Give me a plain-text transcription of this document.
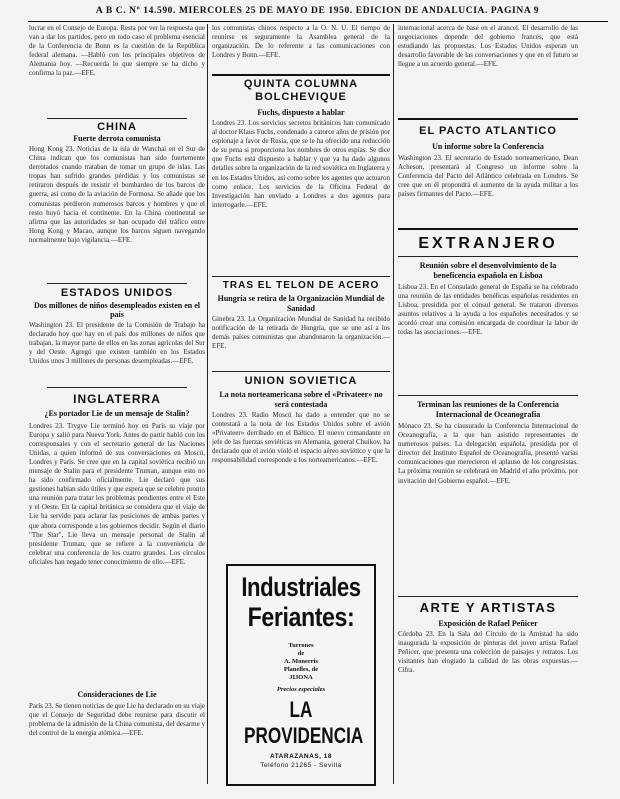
A B C. Nº 14.590. MIERCOLES 25 DE MAYO DE 1950. EDICION DE ANDALUCIA. PAGINA 9
lucrar en el Consejo de Europa. Resta por ver la respuesta que van a dar los partidos, pero en todo caso el problema esencial de la Conferencia de Bonn es la cuestión de la República federal alemana. —Habló con los principales objetivos de Alemania hoy. —Recuerda lo que siempre se ha dicho y confirma la paz.—EFE.
CHINA
Fuerte derrota comunista
Hong Kong 23. Noticias de la isla de Wanchai en el Sur de China indican que los comunistas han sido fuertemente derrotados cuando trataban de tomar un grupo de islas. Las tropas han sufrido grandes pérdidas y los comunistas se retiraron después de resistir el bombardeo de los barcos de guerra, así como de la aviación de Formosa. Se añade que los comunistas perdieron numerosos barcos y hombres y que el resto huyó hacia el continente. En la China continental se afirma que las autoridades se han ocupado del tráfico entre Hong Kong y Macao, aunque los barcos siguen navegando normalmente bajo vigilancia.—EFE.
ESTADOS UNIDOS
Dos millones de niños desempleados existen en el país
Washington 23. El presidente de la Comisión de Trabajo ha declarado hoy que hay en el país dos millones de niños que trabajan, la mayor parte de ellos en las zonas agrícolas del Sur y del Oeste. Agregó que existen también en los Estados Unidos unos 3 millones de personas desempleadas.—EFE.
INGLATERRA
¿Es portador Lie de un mensaje de Stalin?
Londres 23. Trygve Lie terminó hoy en París su viaje por Europa y salió para Nueva York. Antes de partir habló con los corresponsales y con el secretario general de las Naciones Unidas, a quien informó de sus conversaciones en Moscú, Londres y París. Se cree que en la capital soviética recibió un mensaje de Stalin para el presidente Truman, aunque esto no ha sido confirmado oficialmente. Lie declaró que sus gestiones habían sido útiles y que espera que se celebre pronto una reunión para tratar los problemas pendientes entre el Este y el Oeste. En la capital británica se considera que el viaje de Lie ha servido para aclarar las posiciones de ambas partes y que ahora corresponde a los gobiernos decidir. Según el diario "The Star", Lie lleva un mensaje personal de Stalin al presidente Truman, que se refiere a la conveniencia de celebrar una conferencia de los cuatro grandes. Los círculos oficiales han negado tener conocimiento de ello.—EFE.
Consideraciones de Lie
París 23. Se tienen noticias de que Lie ha declarado en su viaje que el Consejo de Seguridad debe reunirse para discutir el problema de la admisión de la China comunista, del desarme y del control de la energía atómica.—EFE.
los comunistas chinos respecto a la O. N. U. El tiempo de reunirse es seguramente la Asamblea general de la organización. De lo referente a las comunicaciones con Londres y Bonn.—EFE.
QUINTA COLUMNA BOLCHEVIQUE
Fuchs, dispuesto a hablar
Londres 23. Los servicios secretos británicos han comunicado al doctor Klaus Fuchs, condenado a catorce años de prisión por espionaje a favor de Rusia, que se le ha ofrecido una reducción de su pena si proporciona los nombres de otros espías. Se dice que Fuchs está dispuesto a hablar y que ya ha dado algunos detalles sobre la organización de la red soviética en Inglaterra y en los Estados Unidos, así como sobre los agentes que actuaron como enlace. Los servicios de la Oficina Federal de Investigación han enviado a Londres a dos agentes para interrogarle.—EFE.
TRAS EL TELON DE ACERO
Hungría se retira de la Organización Mundial de Sanidad
Ginebra 23. La Organización Mundial de Sanidad ha recibido notificación de la retirada de Hungría, que se une así a los demás países comunistas que abandonaron la organización.—EFE.
UNION SOVIETICA
La nota norteamericana sobre el «Privateer» no será contestada
Londres 23. Radio Moscú ha dado a entender que no se contestará a la nota de los Estados Unidos sobre el avión «Privateer» derribado en el Báltico. El nuevo comandante en jefe de las fuerzas soviéticas en Alemania, general Chuikov, ha declarado que el avión violó el espacio aéreo soviético y que la responsabilidad corresponde a los norteamericanos.—EFE.
Industriales
Feriantes:
Turrones
de
A. Monerris
Planelles, de
JIJONA
Precios especiales
LA PROVIDENCIA
ATARAZANAS, 18
Teléfono 21265 - Sevilla
internacional acerca de base en el arancel. El desarrollo de las negociaciones depende del gobierno francés, que está estudiando las propuestas. Los Estados Unidos esperan un desarrollo favorable de las conversaciones y que en el futuro se llegue a un acuerdo general.—EFE.
EL PACTO ATLANTICO
Un informe sobre la Conferencia
Washington 23. El secretario de Estado norteamericano, Dean Acheson, presentará al Congreso un informe sobre la Conferencia del Pacto del Atlántico celebrada en Londres. Se cree que en él propondrá el aumento de la ayuda militar a los países firmantes del Pacto.—EFE.
EXTRANJERO
Reunión sobre el desenvolvimiento de la beneficencia española en Lisboa
Lisboa 23. En el Consulado general de España se ha celebrado una reunión de las entidades benéficas españolas residentes en Lisboa, presidida por el cónsul general. Se trataron diversos asuntos relativos a la ayuda a los españoles necesitados y se acordó crear una comisión encargada de coordinar la labor de todas las asociaciones.—EFE.
Terminan las reuniones de la Conferencia Internacional de Oceanografía
Mónaco 23. Se ha clausurado la Conferencia Internacional de Oceanografía, a la que han asistido representantes de numerosos países. La delegación española, presidida por el director del Instituto Español de Oceanografía, presentó varias comunicaciones que merecieron el aplauso de los congresistas. La próxima reunión se celebrará en Madrid el año próximo, por invitación del Gobierno español.—EFE.
ARTE Y ARTISTAS
Exposición de Rafael Peñicer
Córdoba 23. En la Sala del Círculo de la Amistad ha sido inaugurada la exposición de pinturas del joven artista Rafael Peñicer, que presenta una colección de paisajes y retratos. Los visitantes han elogiado la calidad de las obras expuestas.—Cifra.
